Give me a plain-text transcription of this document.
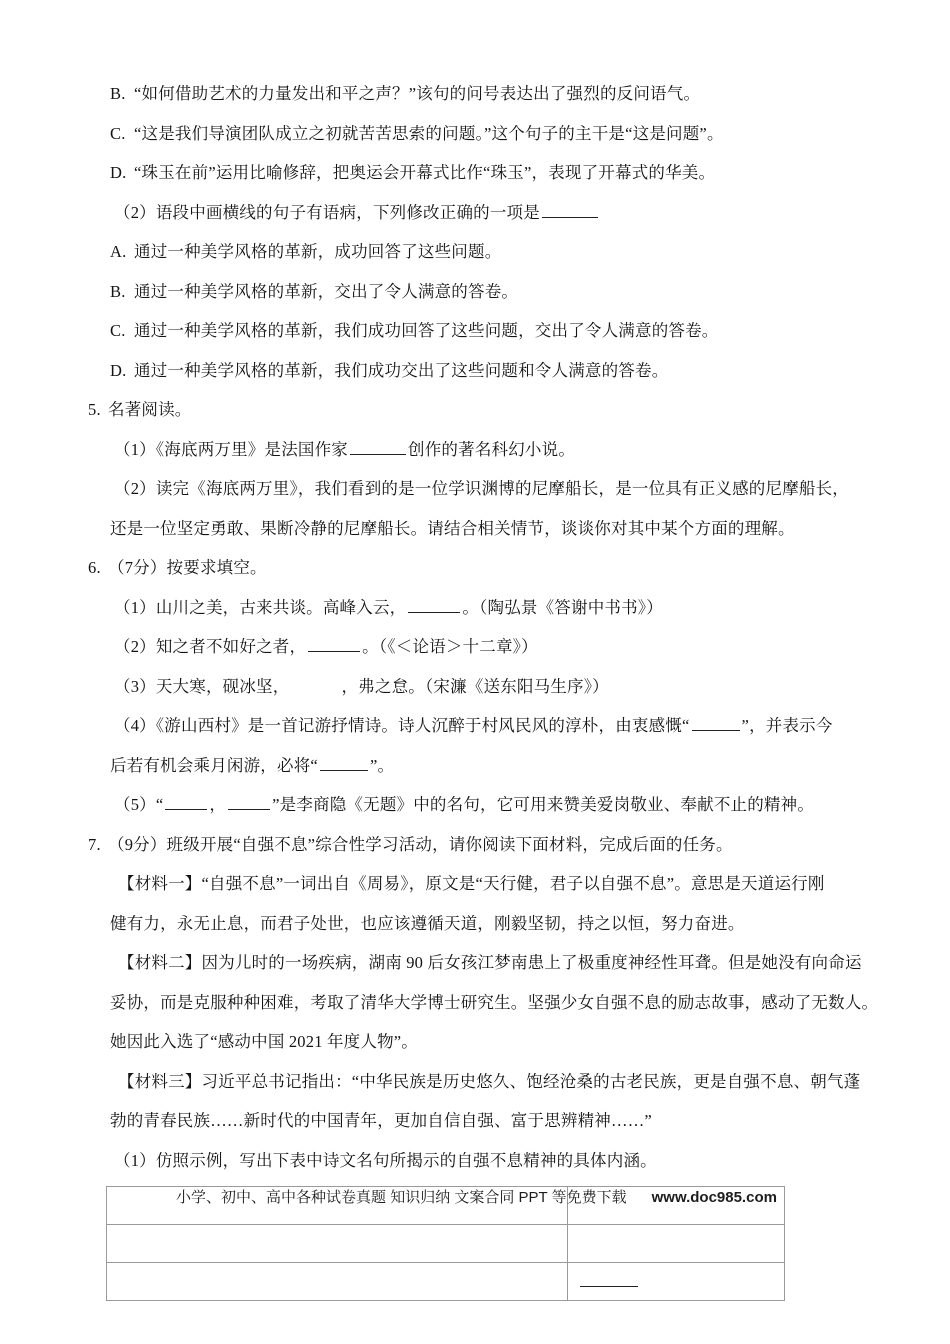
B. “如何借助艺术的力量发出和平之声？”该句的问号表达出了强烈的反问语气。
C. “这是我们导演团队成立之初就苦苦思索的问题。”这个句子的主干是“这是问题”。
D. “珠玉在前”运用比喻修辞，把奥运会开幕式比作“珠玉”，表现了开幕式的华美。
（2）语段中画横线的句子有语病，下列修改正确的一项是
A. 通过一种美学风格的革新，成功回答了这些问题。
B. 通过一种美学风格的革新，交出了令人满意的答卷。
C. 通过一种美学风格的革新，我们成功回答了这些问题，交出了令人满意的答卷。
D. 通过一种美学风格的革新，我们成功交出了这些问题和令人满意的答卷。
5. 名著阅读。
（1）《海底两万里》是法国作家	创作的著名科幻小说。
（2）读完《海底两万里》，我们看到的是一位学识渊博的尼摩船长，是一位具有正义感的尼摩船长，
还是一位坚定勇敢、果断冷静的尼摩船长。请结合相关情节，谈谈你对其中某个方面的理解。
6. （7分）按要求填空。
（1）山川之美，古来共谈。高峰入云，	。（陶弘景《答谢中书书》）
（2）知之者不如好之者，	。（《＜论语＞十二章》）
（3）天大寒，砚冰坚，	，弗之怠。（宋濂《送东阳马生序》）
（4）《游山西村》是一首记游抒情诗。诗人沉醉于村风民风的淳朴，由衷感慨“	”，并表示今
后若有机会乘月闲游，必将“	”。
（5）“	，	”是李商隐《无题》中的名句，它可用来赞美爱岗敬业、奉献不止的精神。
7. （9分）班级开展“自强不息”综合性学习活动，请你阅读下面材料，完成后面的任务。
【材料一】“自强不息”一词出自《周易》，原文是“天行健，君子以自强不息”。意思是天道运行刚
健有力，永无止息，而君子处世，也应该遵循天道，刚毅坚韧，持之以恒，努力奋进。
【材料二】因为儿时的一场疾病，湖南 90 后女孩江梦南患上了极重度神经性耳聋。但是她没有向命运
妥协，而是克服种种困难，考取了清华大学博士研究生。坚强少女自强不息的励志故事，感动了无数人。
她因此入选了“感动中国 2021 年度人物”。
【材料三】习近平总书记指出：“中华民族是历史悠久、饱经沧桑的古老民族，更是自强不息、朝气蓬
勃的青春民族……新时代的中国青年，更加自信自强、富于思辨精神……”
（1）仿照示例，写出下表中诗文名句所揭示的自强不息精神的具体内涵。

小学、初中、高中各种试卷真题 知识归纳 文案合同 PPT 等免费下载 www.doc985.com
